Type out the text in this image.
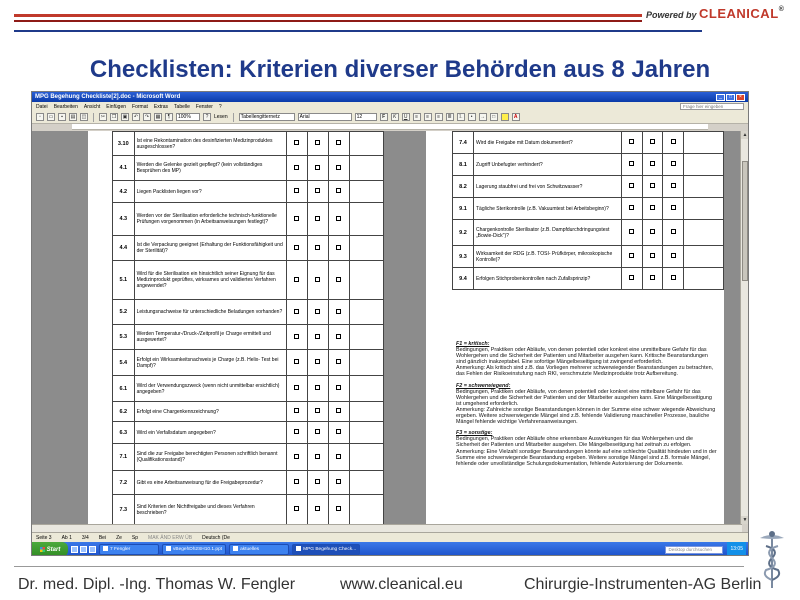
Powered by CLEANICAL®
Checklisten: Kriterien diverser Behörden aus 8 Jahren
MPG Begehung Checkliste[2].doc - Microsoft Word	_	□	×
Datei Bearbeiten Ansicht Einfügen Format Extras Tabelle Fenster ?	Frage hier eingeben
▫	▭	▪	▤	◫	✂	❐	▣	↶	↷	▦	¶	100%	?	Lesen	Tabellengitternetz	Arial	12	F	K	U	≡	≡	≡	≣	⒈	•	→	□	A
3.10	Ist eine Rekontamination des desinfizierten Medizinproduktes ausgeschlossen?				
4.1	Werden die Gelenke gezielt gepflegt? (kein vollständiges Besprühen des MP)				
4.2	Liegen Packlisten liegen vor?				
4.3	Werden vor der Sterilisation erforderliche technisch-funktionelle Prüfungen vorgenommen (in Arbeitsanweisungen festlegt)?				
4.4	Ist die Verpackung geeignet (Erhaltung der Funktionsfähigkeit und der Sterilität)?				
5.1	Wird für die Sterilisation ein hinsichtlich seiner Eignung für das Medizinprodukt geprüftes, wirksames und validiertes Verfahren angewendet?				
5.2	Leistungsnachweise für unterschiedliche Beladungen vorhanden?				
5.3	Werden Temperatur-/Druck-/Zeitprofil je Charge ermittelt und ausgewertet?				
5.4	Erfolgt ein Wirksamkeitsnachweis je Charge (z.B. Helix- Test bei Dampf)?				
6.1	Wird der Verwendungszweck (wenn nicht unmittelbar ersichtlich) angegeben?				
6.2	Erfolgt eine Chargenkennzeichnung?				
6.3	Wird ein Verfallsdatum angegeben?				
7.1	Sind die zur Freigabe berechtigten Personen schriftlich benannt (Qualifikationsstand)?				
7.2	Gibt es eine Arbeitsanweisung für die Freigabeprozedur?				
7.3	Sind Kriterien der Nichtfreigabe und dieses Verfahren beschrieben?				
7.4	Wird die Freigabe mit Datum dokumentiert?				
8.1	Zugriff Unbefugter verhindert?				
8.2	Lagerung staubfrei und frei von Schwitzwasser?				
9.1	Tägliche Sterikontrolle (z.B. Vakuumtest bei Arbeitsbeginn)?				
9.2	Chargenkontrolle Sterilisator (z.B. Dampfdurchdringungstest „Bowie-Dick")?				
9.3	Wirksamkeit der RDG (z.B. TOSI- Prüfkörper, mikroskopische Kontrolle)?				
9.4	Erfolgen Stichprobenkontrollen nach Zufallsprinzip?				

F1 = kritisch:

Bedingungen, Praktiken oder Abläufe, von denen potentiell oder konkret eine unmittelbare Gefahr für das Wohlergehen und die Sicherheit der Patienten und Mitarbeiter ausgehen kann. Kritische Beanstandungen sind gänzlich inakzeptabel. Eine sofortige Mängelbeseitigung ist zwingend erforderlich.

Anmerkung: Als kritisch sind z.B. das Vorliegen mehrerer schwerwiegender Beanstandungen zu betrachten, das Fehlen der Risikoeinstufung nach RKI, verschmutzte Medizinprodukte trotz Aufbereitung.

F2 = schwerwiegend:

Bedingungen, Praktiken oder Abläufe, von denen potentiell oder konkret eine mittelbare Gefahr für das Wohlergehen und die Sicherheit der Patienten und der Mitarbeiter ausgehen kann. Eine Mängelbeseitigung ist umgehend erforderlich.

Anmerkung: Zahlreiche sonstige Beanstandungen können in der Summe eine schwer wiegende Abweichung ergeben. Weitere schwerwiegende Mängel sind z.B. fehlende Validierung maschineller Prozesse, bauliche Mängel fehlende wichtige Verfahrensanweisungen.

F3 = sonstige:

Bedingungen, Praktiken oder Abläufe ohne erkennbare Auswirkungen für das Wohlergehen und die Sicherheit der Patienten und Mitarbeiter ausgehen. Die Mängelbeseitigung hat zeitnah zu erfolgen.

Anmerkung: Eine Vielzahl sonstiger Beanstandungen könnte auf eine schlechte Qualität hindeuten und in der Summe eine schwerwiegende Beanstandung ergeben. Weitere sonstige Mängel sind z.B. formale Mängel, fehlende oder unvollständige Schulungsdokumentation, fehlende Autorisierung der Dokumente.

▲
▼
Seite 3 Ab 1 3/4 Bei Ze Sp MAK ÄND ERW ÜB Deutsch (De
Start	7 Fengler	vBegehDh2SH10.1.ppt	aktuelles	MPG Begehung Check...	Desktop durchsuchen	13:05
Dr. med. Dipl. -Ing. Thomas W. Fengler	www.cleanical.eu	Chirurgie-Instrumenten-AG Berlin
